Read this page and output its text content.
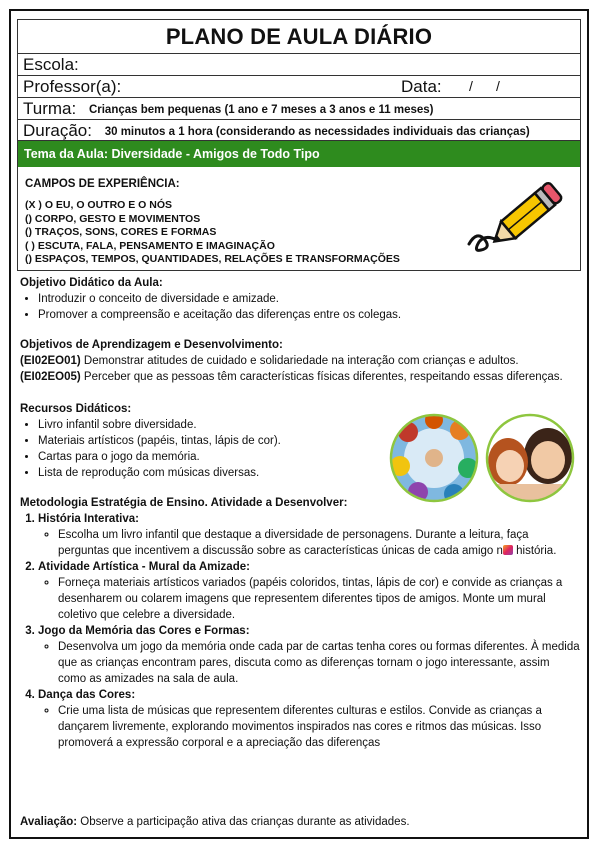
PLANO DE AULA DIÁRIO
Escola:
Professor(a):	Data: / /
Turma: Crianças bem pequenas (1 ano e 7 meses a 3 anos e 11 meses)
Duração: 30 minutos a 1 hora (considerando as necessidades individuais das crianças)
Tema da Aula: Diversidade - Amigos de Todo Tipo
CAMPOS DE EXPERIÊNCIA:
(X ) O EU, O OUTRO E O NÓS
() CORPO, GESTO E MOVIMENTOS
() TRAÇOS, SONS, CORES E FORMAS
( ) ESCUTA, FALA, PENSAMENTO E IMAGINAÇÃO
() ESPAÇOS, TEMPOS, QUANTIDADES, RELAÇÕES E TRANSFORMAÇÕES
Objetivo Didático da Aula:
• Introduzir o conceito de diversidade e amizade.
• Promover a compreensão e aceitação das diferenças entre os colegas.
Objetivos de Aprendizagem e Desenvolvimento:
(EI02EO01) Demonstrar atitudes de cuidado e solidariedade na interação com crianças e adultos.
(EI02EO05) Perceber que as pessoas têm características físicas diferentes, respeitando essas diferenças.
Recursos Didáticos:
• Livro infantil sobre diversidade.
• Materiais artísticos (papéis, tintas, lápis de cor).
• Cartas para o jogo da memória.
• Lista de reprodução com músicas diversas.
Metodologia Estratégia de Ensino. Atividade a Desenvolver:
1. História Interativa:
◦ Escolha um livro infantil que destaque a diversidade de personagens. Durante a leitura, faça perguntas que incentivem a discussão sobre as características únicas de cada amigo n história.
2. Atividade Artística - Mural da Amizade:
◦ Forneça materiais artísticos variados (papéis coloridos, tintas, lápis de cor) e convide as crianças a desenharem ou colarem imagens que representem diferentes tipos de amigos. Monte um mural coletivo que celebre a diversidade.
3. Jogo da Memória das Cores e Formas:
◦ Desenvolva um jogo da memória onde cada par de cartas tenha cores ou formas diferentes. À medida que as crianças encontram pares, discuta como as diferenças tornam o jogo interessante, assim como as amizades na sala de aula.
4. Dança das Cores:
◦ Crie uma lista de músicas que representem diferentes culturas e estilos. Convide as crianças a dançarem livremente, explorando movimentos inspirados nas cores e ritmos das músicas. Isso promoverá a expressão corporal e a apreciação das diferenças
Avaliação: Observe a participação ativa das crianças durante as atividades.
